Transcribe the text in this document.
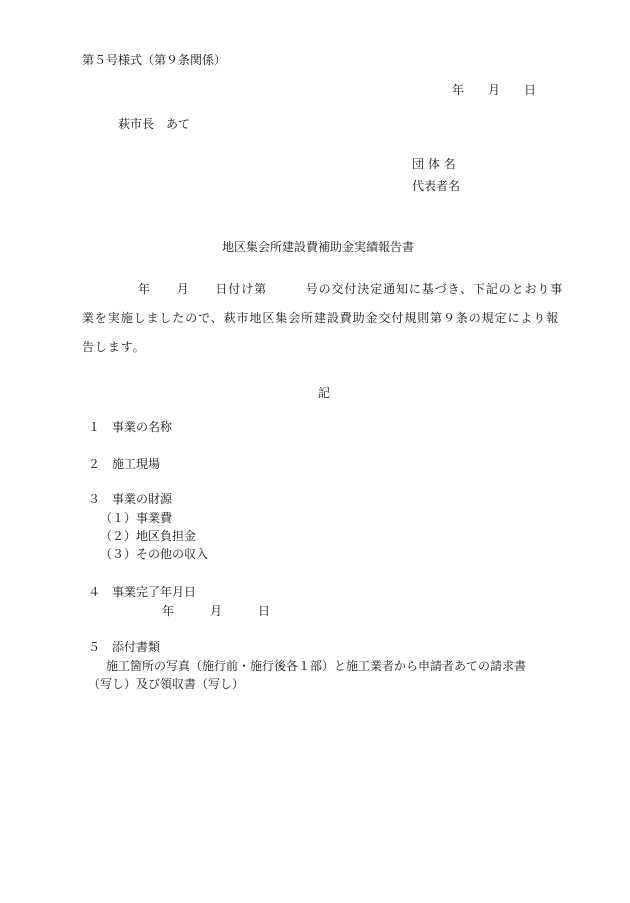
第５号様式（第９条関係）
年　　月　　日
萩市長　あて
団 体 名
代表者名
地区集会所建設費補助金実績報告書
年　　月　　日付け第　　　号の交付決定通知に基づき、下記のとおり事
業を実施しましたので、萩市地区集会所建設費助金交付規則第９条の規定により報
告します。
記
１　事業の名称
２　施工現場
３　事業の財源
（１）事業費
（２）地区負担金
（３）その他の収入
４　事業完了年月日
年　　　月　　　日
５　添付書類
施工箇所の写真（施行前・施行後各１部）と施工業者から申請者あての請求書
（写し）及び領収書（写し）
